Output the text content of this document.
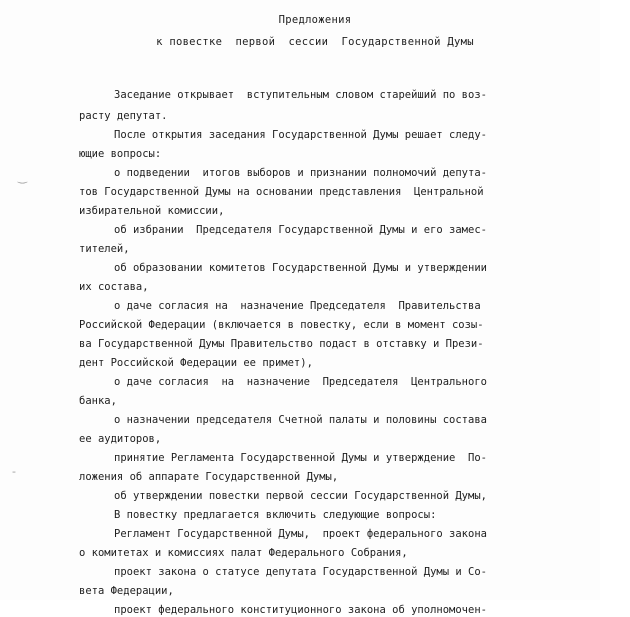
Предложения
к повестке  первой  сессии  Государственной Думы
Заседание открывает  вступительным словом старейший по воз-
расту депутат.
После открытия заседания Государственной Думы решает следу-
ющие вопросы:
о подведении  итогов выборов и признании полномочий депута-
тов Государственной Думы на основании представления  Центральной
избирательной комиссии,
об избрании  Председателя Государственной Думы и его замес-
тителей,
об образовании комитетов Государственной Думы и утверждении
их состава,
о даче согласия на  назначение Председателя  Правительства
Российской Федерации (включается в повестку, если в момент созы-
ва Государственной Думы Правительство подаст в отставку и Прези-
дент Российской Федерации ее примет),
о даче согласия  на  назначение  Председателя  Центрального
банка,
о назначении председателя Счетной палаты и половины состава
ее аудиторов,
принятие Регламента Государственной Думы и утверждение  По-
ложения об аппарате Государственной Думы,
об утверждении повестки первой сессии Государственной Думы,
В повестку предлагается включить следующие вопросы:
Регламент Государственной Думы,  проект федерального закона
о комитетах и комиссиях палат Федерального Собрания,
проект закона о статусе депутата Государственной Думы и Со-
вета Федерации,
проект федерального конституционного закона об уполномочен-
‿
-
